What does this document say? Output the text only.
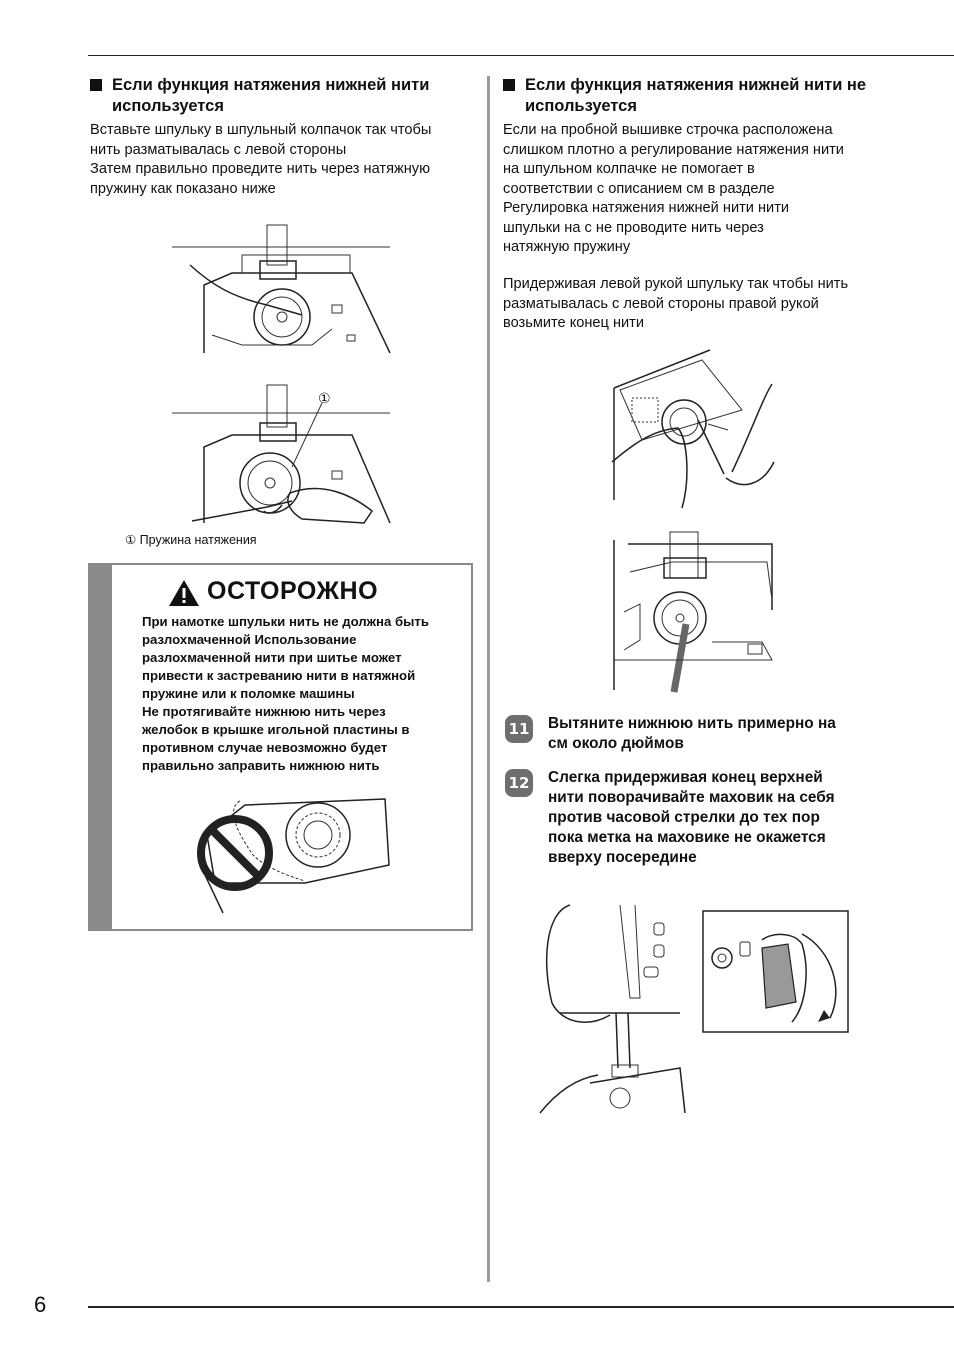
6
Если функция натяжения нижней нити используется
Вставьте шпульку в шпульный колпачок так чтобы
нить разматывалась с левой стороны
Затем правильно проведите нить через натяжную
пружину как показано ниже
①
① Пружина натяжения
ОСТОРОЖНО
При намотке шпульки нить не должна быть
разлохмаченной Использование
разлохмаченной нити при шитье может
привести к застреванию нити в натяжной
пружине или к поломке машины
Не протягивайте нижнюю нить через
желобок в крышке игольной пластины в
противном случае невозможно будет
правильно заправить нижнюю нить
Если функция натяжения нижней нити не используется
Если на пробной вышивке строчка расположена
слишком плотно а регулирование натяжения нити
на шпульном колпачке не помогает в
соответствии с описанием см в разделе
Регулировка натяжения нижней нити нити
шпульки на с не проводите нить через
натяжную пружину
Придерживая левой рукой шпульку так чтобы нить
разматывалась с левой стороны правой рукой
возьмите конец нити
11 Вытяните нижнюю нить примерно на
см около дюймов
12 Слегка придерживая конец верхней
нити поворачивайте маховик на себя
против часовой стрелки до тех пор
пока метка на маховике не окажется
вверху посередине
